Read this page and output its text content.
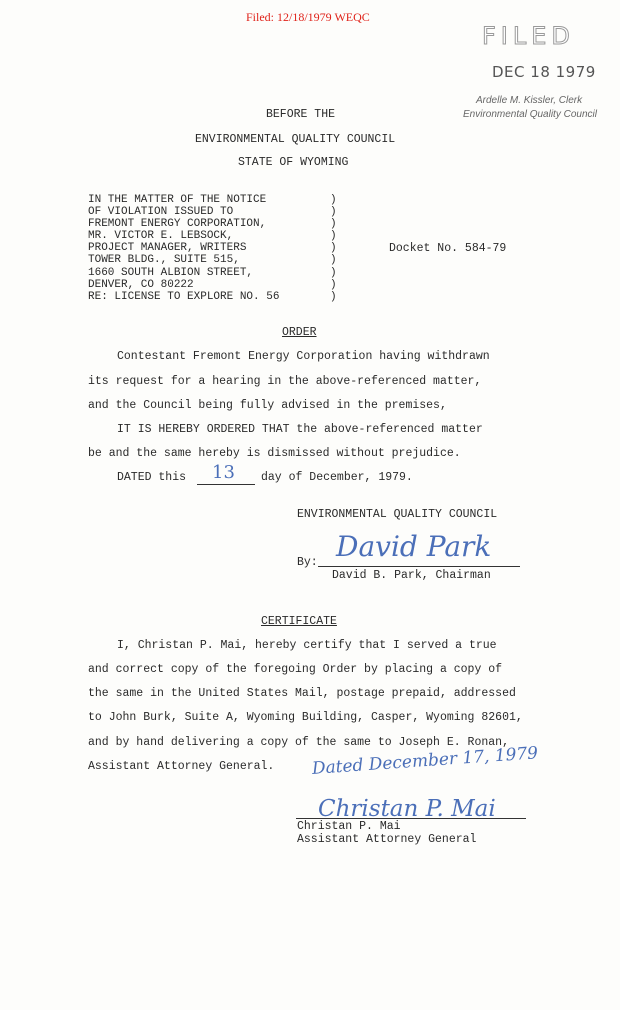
Filed: 12/18/1979 WEQC
FILED
DEC 18 1979
Ardelle M. Kissler, Clerk
Environmental Quality Council
BEFORE THE
ENVIRONMENTAL QUALITY COUNCIL
STATE OF WYOMING
IN THE MATTER OF THE NOTICE
OF VIOLATION ISSUED TO
FREMONT ENERGY CORPORATION,
MR. VICTOR E. LEBSOCK,
PROJECT MANAGER, WRITERS
TOWER BLDG., SUITE 515,
1660 SOUTH ALBION STREET,
DENVER, CO 80222
RE: LICENSE TO EXPLORE NO. 56
)
)
)
)
)
)
)
)
)
Docket No. 584-79
ORDER
Contestant Fremont Energy Corporation having withdrawn
its request for a hearing in the above-referenced matter,
and the Council being fully advised in the premises,
IT IS HEREBY ORDERED THAT the above-referenced matter
be and the same hereby is dismissed without prejudice.
DATED this 13 day of December, 1979.
ENVIRONMENTAL QUALITY COUNCIL
By: David Park
David B. Park, Chairman
CERTIFICATE
I, Christan P. Mai, hereby certify that I served a true
and correct copy of the foregoing Order by placing a copy of
the same in the United States Mail, postage prepaid, addressed
to John Burk, Suite A, Wyoming Building, Casper, Wyoming 82601,
and by hand delivering a copy of the same to Joseph E. Ronan,
Assistant Attorney General. Dated December 17, 1979
Christan P. Mai
Christan P. Mai
Assistant Attorney General
